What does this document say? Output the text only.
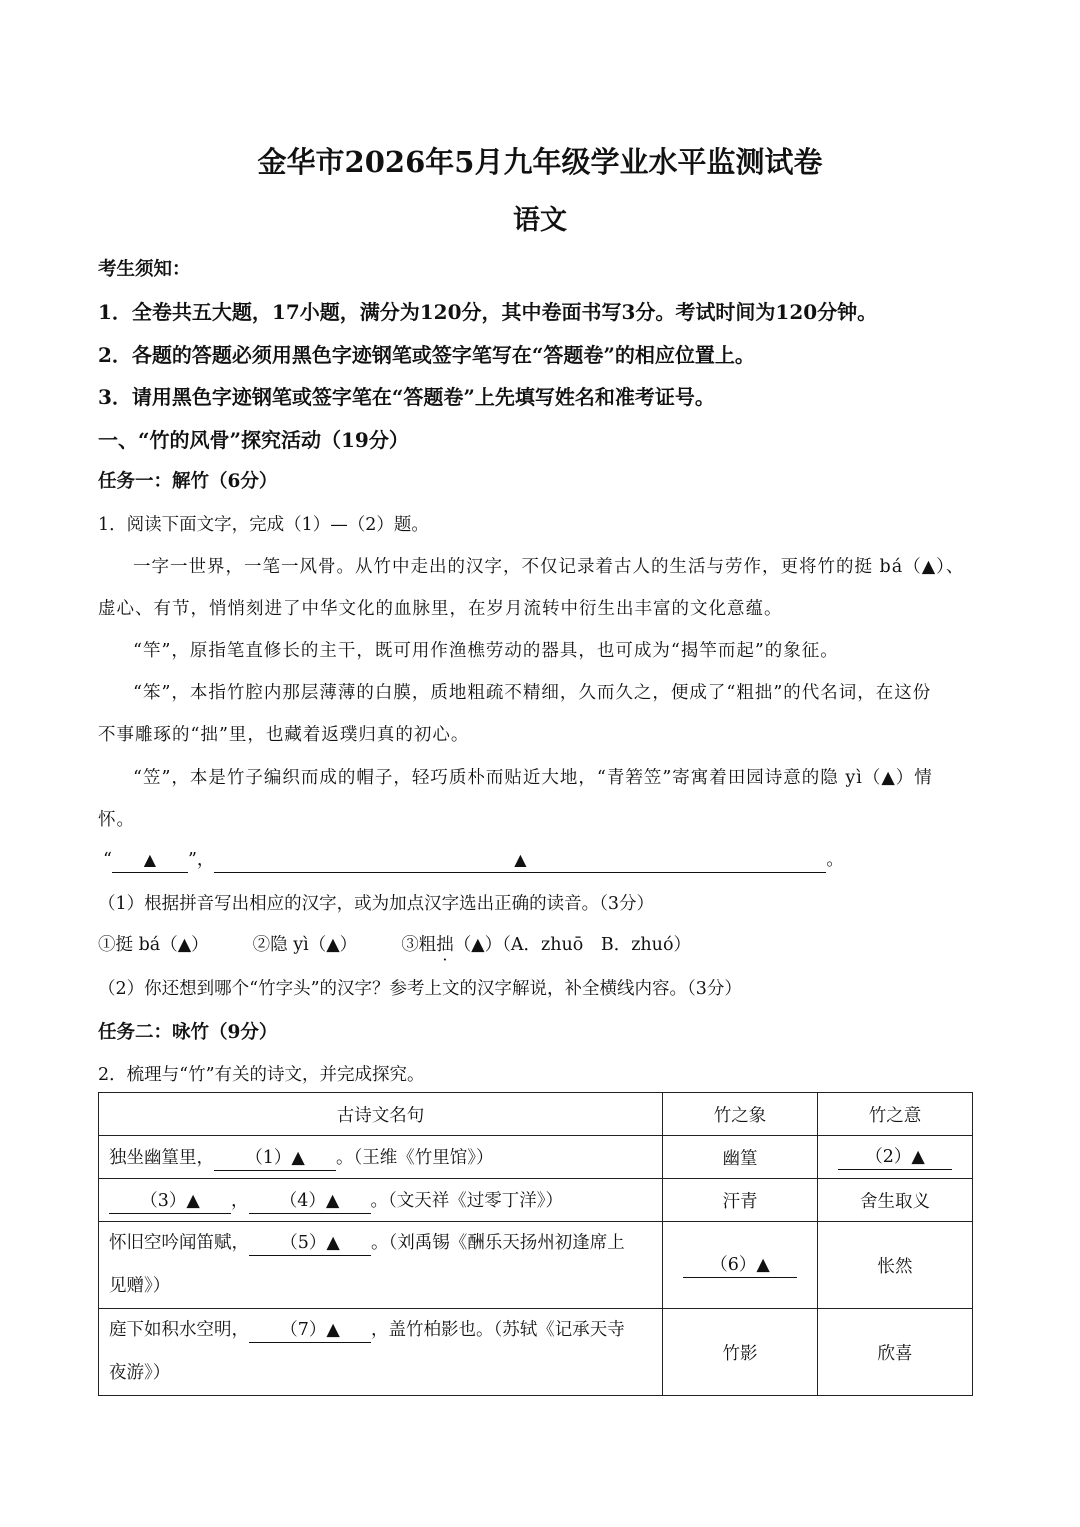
金华市2026年5月九年级学业水平监测试卷
语文
考生须知：
1．全卷共五大题，17小题，满分为120分，其中卷面书写3分。考试时间为120分钟。
2．各题的答题必须用黑色字迹钢笔或签字笔写在“答题卷”的相应位置上。
3．请用黑色字迹钢笔或签字笔在“答题卷”上先填写姓名和准考证号。
一、“竹的风骨”探究活动（19分）
任务一：解竹（6分）
1．阅读下面文字，完成（1）—（2）题。
一字一世界，一笔一风骨。从竹中走出的汉字，不仅记录着古人的生活与劳作，更将竹的挺 bá（▲）、
虚心、有节，悄悄刻进了中华文化的血脉里，在岁月流转中衍生出丰富的文化意蕴。
“竿”，原指笔直修长的主干，既可用作渔樵劳动的器具，也可成为“揭竿而起”的象征。
“笨”，本指竹腔内那层薄薄的白膜，质地粗疏不精细，久而久之，便成了“粗拙”的代名词，在这份
不事雕琢的“拙”里，也藏着返璞归真的初心。
“笠”，本是竹子编织而成的帽子，轻巧质朴而贴近大地，“青箬笠”寄寓着田园诗意的隐 yì（▲）情
怀。
“ ▲ ”，	▲	。
（1）根据拼音写出相应的汉字，或为加点汉字选出正确的读音。（3分）
①挺 bá（▲）	②隐 yì（▲）	③粗拙（▲）（A．zhuō　B．zhuó）
（2）你还想到哪个“竹字头”的汉字？参考上文的汉字解说，补全横线内容。（3分）
任务二：咏竹（9分）
2．梳理与“竹”有关的诗文，并完成探究。
古诗文名句	竹之象	竹之意
独坐幽篁里， （1）▲ 。（王维《竹里馆》）	幽篁	（2）▲
（3）▲ ， （4）▲ 。（文天祥《过零丁洋》）	汗青	舍生取义
怀旧空吟闻笛赋， （5）▲ 。（刘禹锡《酬乐天扬州初逢席上
见赠》）	（6）▲	怅然
庭下如积水空明， （7）▲ ，盖竹柏影也。（苏轼《记承天寺
夜游》）	竹影	欣喜
